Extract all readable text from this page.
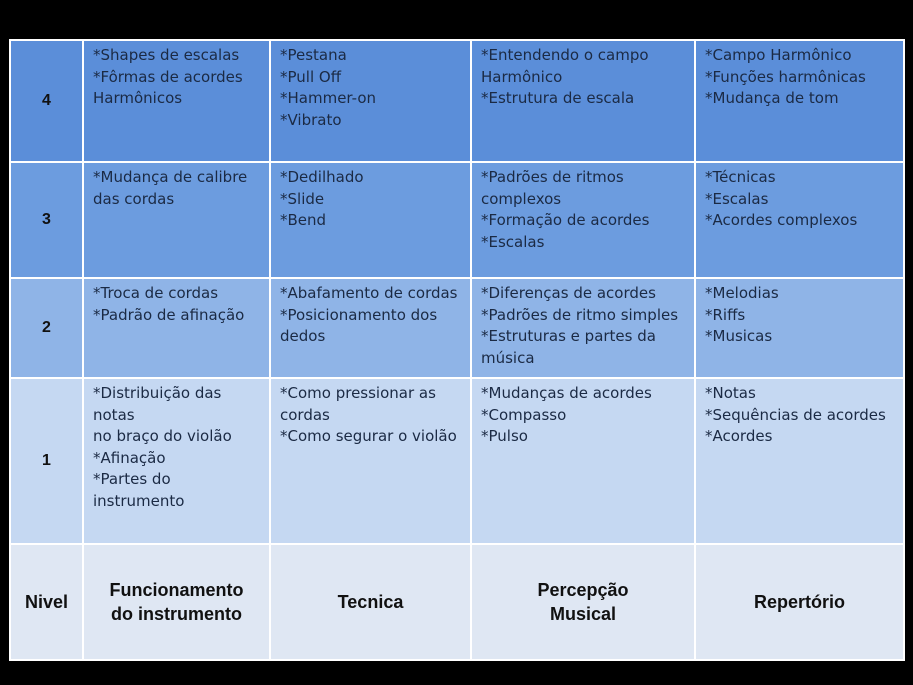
4	*Shapes de escalas
*Fôrmas de acordes
Harmônicos	*Pestana
*Pull Off
*Hammer-on
*Vibrato	*Entendendo o campo
Harmônico
*Estrutura de escala	*Campo Harmônico
*Funções harmônicas
*Mudança de tom

3	*Mudança de calibre
das cordas	*Dedilhado
*Slide
*Bend	*Padrões de ritmos
complexos
*Formação de acordes
*Escalas	*Técnicas
*Escalas
*Acordes complexos

2	*Troca de cordas
*Padrão de afinação	*Abafamento de cordas
*Posicionamento dos
dedos	*Diferenças de acordes
*Padrões de ritmo simples
*Estruturas e partes da
música	*Melodias
*Riffs
*Musicas

1	*Distribuição das notas
no braço do violão
*Afinação
*Partes do
instrumento	*Como pressionar as
cordas
*Como segurar o violão	*Mudanças de acordes
*Compasso
*Pulso	*Notas
*Sequências de acordes
*Acordes

Nivel	Funcionamento
do instrumento	Tecnica	Percepção
Musical	Repertório
